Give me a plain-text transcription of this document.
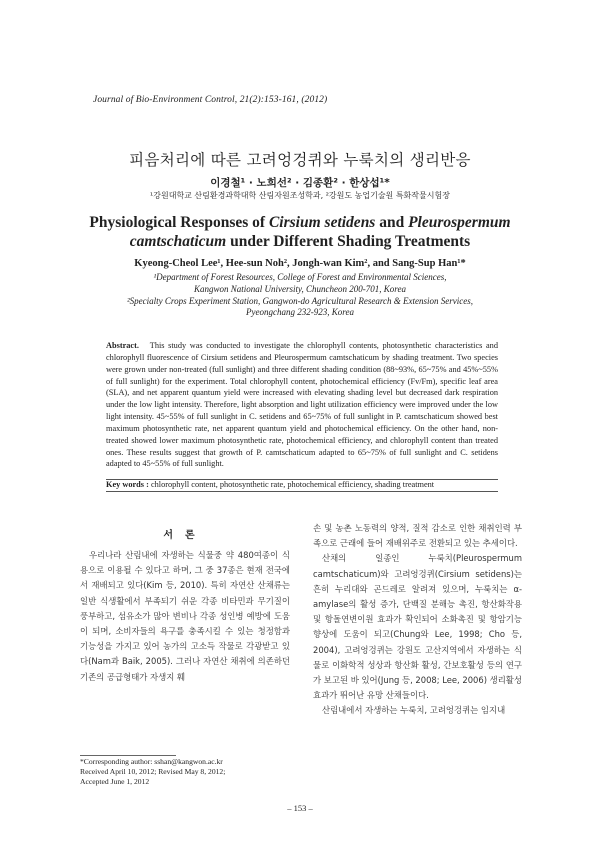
Journal of Bio-Environment Control, 21(2):153-161, (2012)
피음처리에 따른 고려엉겅퀴와 누룩치의 생리반응
이경철¹ · 노희선² · 김종환² · 한상섭¹*
¹강원대학교 산림환경과학대학 산림자원조성학과, ²강원도 농업기술원 특화작물시험장
Physiological Responses of Cirsium setidens and Pleurospermum
camtschaticum under Different Shading Treatments
Kyeong-Cheol Lee¹, Hee-sun Noh², Jongh-wan Kim², and Sang-Sup Han¹*
¹Department of Forest Resources, College of Forest and Environmental Sciences,
Kangwon National University, Chuncheon 200-701, Korea
²Specialty Crops Experiment Station, Gangwon-do Agricultural Research & Extension Services,
Pyeongchang 232-923, Korea
Abstract. This study was conducted to investigate the chlorophyll contents, photosynthetic characteristics and chlorophyll fluorescence of Cirsium setidens and Pleurospermum camtschaticum by shading treatment. Two species were grown under non-treated (full sunlight) and three different shading condition (88~93%, 65~75% and 45%~55% of full sunlight) for the experiment. Total chlorophyll content, photochemical efficiency (Fv/Fm), specific leaf area (SLA), and net apparent quantum yield were increased with elevating shading level but decreased dark respiration under the low light intensity. Therefore, light absorption and light utilization efficiency were improved under the low light intensity. 45~55% of full sunlight in C. setidens and 65~75% of full sunlight in P. camtschaticum showed best maximum photosynthetic rate, net apparent quantum yield and photochemical efficiency. On the other hand, non-treated showed lower maximum photosynthetic rate, photochemical efficiency, and chlorophyll content than treated ones. These results suggest that growth of P. camtschaticum adapted to 65~75% of full sunlight and C. setidens adapted to 45~55% of full sunlight.
Key words : chlorophyll content, photosynthetic rate, photochemical efficiency, shading treatment
서론

우리나라 산림내에 자생하는 식물중 약 480여종이 식용으로 이용될 수 있다고 하며, 그 중 37종은 현재 전국에서 재배되고 있다(Kim 등, 2010). 특히 자연산 산채류는 일반 식생활에서 부족되기 쉬운 각종 비타민과 무기질이 풍부하고, 섬유소가 많아 변비나 각종 성인병 예방에 도움이 되며, 소비자들의 욕구를 충족시킬 수 있는 청정함과 기능성을 가지고 있어 농가의 고소득 작물로 각광받고 있다(Nam과 Baik, 2005). 그러나 자연산 채취에 의존하던 기존의 공급형태가 자생지 훼

*Corresponding author: sshan@kangwon.ac.kr
Received April 10, 2012; Revised May 8, 2012;
Accepted June 1, 2012

손 및 농촌 노동력의 양적, 질적 감소로 인한 채취인력 부족으로 근래에 들어 재배위주로 전환되고 있는 추세이다.

산채의 일종인 누룩치(Pleurospermum camtschaticum)와 고려엉겅퀴(Cirsium setidens)는 흔히 누리대와 곤드레로 알려져 있으며, 누룩치는 α-amylase의 활성 증가, 단백질 분해능 촉진, 항산화작용 및 항돌연변이원 효과가 확인되어 소화촉진 및 항암기능 향상에 도움이 되고(Chung와 Lee, 1998; Cho 등, 2004), 고려엉겅퀴는 강원도 고산지역에서 자생하는 식물로 이화학적 성상과 항산화 활성, 간보호활성 등의 연구가 보고된 바 있어(Jung 등, 2008; Lee, 2006) 생리활성 효과가 뛰어난 유망 산채들이다.

산림내에서 자생하는 누룩치, 고려엉겅퀴는 임지내

– 153 –
